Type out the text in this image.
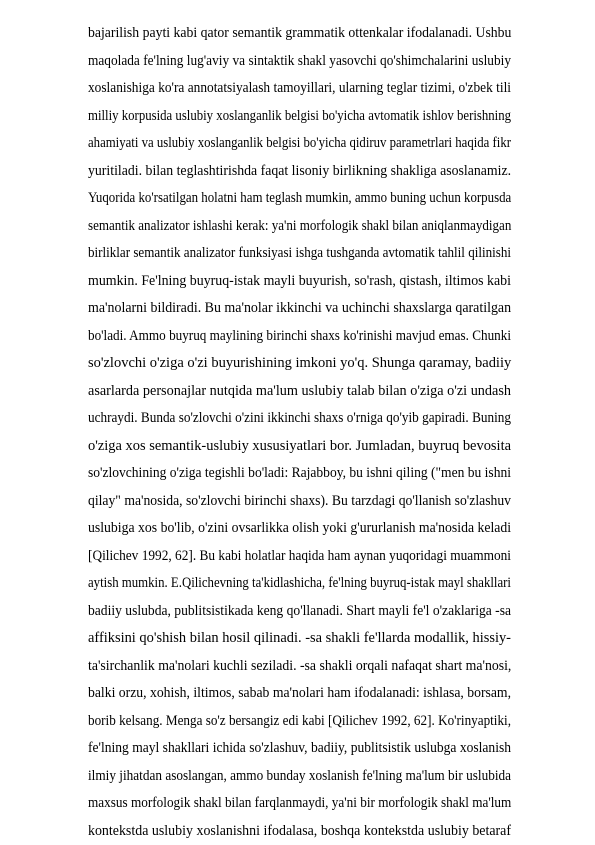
bajarilish payti kabi qator semantik grammatik ottenkalar ifodalanadi. Ushbu
maqolada fe'lning lug'aviy va sintaktik shakl yasovchi qo'shimchalarini uslubiy
xoslanishiga ko'ra annotatsiyalash tamoyillari, ularning teglar tizimi, o'zbek tili
milliy korpusida uslubiy xoslanganlik belgisi bo'yicha avtomatik ishlov berishning
ahamiyati va uslubiy xoslanganlik belgisi bo'yicha qidiruv parametrlari haqida fikr
yuritiladi. bilan teglashtirishda faqat lisoniy birlikning shakliga asoslanamiz.
Yuqorida ko'rsatilgan holatni ham teglash mumkin, ammo buning uchun korpusda
semantik analizator ishlashi kerak: ya'ni morfologik shakl bilan aniqlanmaydigan
birliklar semantik analizator funksiyasi ishga tushganda avtomatik tahlil qilinishi
mumkin. Fe'lning buyruq-istak mayli buyurish, so'rash, qistash, iltimos kabi
ma'nolarni bildiradi. Bu ma'nolar ikkinchi va uchinchi shaxslarga qaratilgan
bo'ladi. Ammo buyruq maylining birinchi shaxs ko'rinishi mavjud emas. Chunki
so'zlovchi o'ziga o'zi buyurishining imkoni yo'q. Shunga qaramay, badiiy
asarlarda personajlar nutqida ma'lum uslubiy talab bilan o'ziga o'zi undash
uchraydi. Bunda so'zlovchi o'zini ikkinchi shaxs o'rniga qo'yib gapiradi. Buning
o'ziga xos semantik-uslubiy xususiyatlari bor. Jumladan, buyruq bevosita
so'zlovchining o'ziga tegishli bo'ladi: Rajabboy, bu ishni qiling ("men bu ishni
qilay" ma'nosida, so'zlovchi birinchi shaxs). Bu tarzdagi qo'llanish so'zlashuv
uslubiga xos bo'lib, o'zini ovsarlikka olish yoki g'ururlanish ma'nosida keladi
[Qilichev 1992, 62]. Bu kabi holatlar haqida ham aynan yuqoridagi muammoni
aytish mumkin. E.Qilichevning ta'kidlashicha, fe'lning buyruq-istak mayl shakllari
badiiy uslubda, publitsistikada keng qo'llanadi. Shart mayli fe'l o'zaklariga -sa
affiksini qo'shish bilan hosil qilinadi. -sa shakli fe'llarda modallik, hissiy-
ta'sirchanlik ma'nolari kuchli seziladi. -sa shakli orqali nafaqat shart ma'nosi,
balki orzu, xohish, iltimos, sabab ma'nolari ham ifodalanadi: ishlasa, borsam,
borib kelsang. Menga so'z bersangiz edi kabi [Qilichev 1992, 62]. Ko'rinyaptiki,
fe'lning mayl shakllari ichida so'zlashuv, badiiy, publitsistik uslubga xoslanish
ilmiy jihatdan asoslangan, ammo bunday xoslanish fe'lning ma'lum bir uslubida
maxsus morfologik shakl bilan farqlanmaydi, ya'ni bir morfologik shakl ma'lum
kontekstda uslubiy xoslanishni ifodalasa, boshqa kontekstda uslubiy betaraf
